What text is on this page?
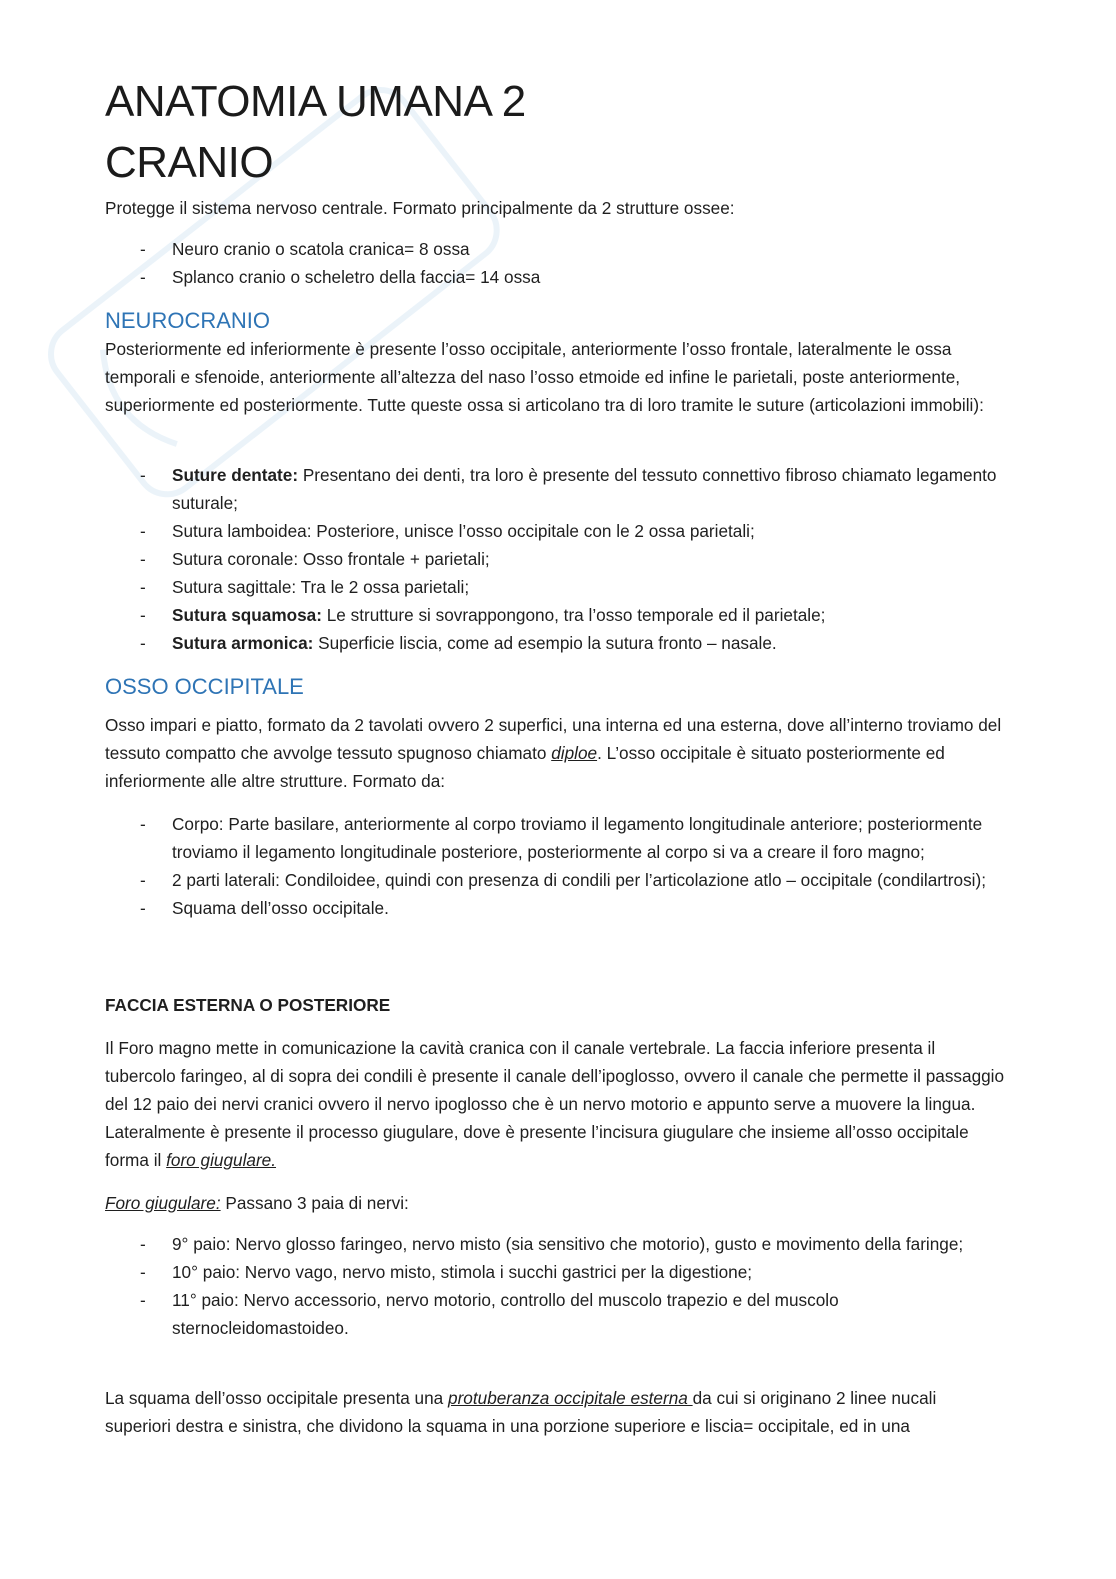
ANATOMIA UMANA 2
CRANIO

Protegge il sistema nervoso centrale. Formato principalmente da 2 strutture ossee:

- Neuro cranio o scatola cranica= 8 ossa
- Splanco cranio o scheletro della faccia= 14 ossa
NEUROCRANIO

Posteriormente ed inferiormente è presente l’osso occipitale, anteriormente l’osso frontale, lateralmente le ossa temporali e sfenoide, anteriormente all’altezza del naso l’osso etmoide ed infine le parietali, poste anteriormente, superiormente ed posteriormente. Tutte queste ossa si articolano tra di loro tramite le suture (articolazioni immobili):

- Suture dentate: Presentano dei denti, tra loro è presente del tessuto connettivo fibroso chiamato legamento suturale;
- Sutura lamboidea: Posteriore, unisce l’osso occipitale con le 2 ossa parietali;
- Sutura coronale: Osso frontale + parietali;
- Sutura sagittale: Tra le 2 ossa parietali;
- Sutura squamosa: Le strutture si sovrappongono, tra l’osso temporale ed il parietale;
- Sutura armonica: Superficie liscia, come ad esempio la sutura fronto – nasale.
OSSO OCCIPITALE

Osso impari e piatto, formato da 2 tavolati ovvero 2 superfici, una interna ed una esterna, dove all’interno troviamo del tessuto compatto che avvolge tessuto spugnoso chiamato diploe. L’osso occipitale è situato posteriormente ed inferiormente alle altre strutture. Formato da:

- Corpo: Parte basilare, anteriormente al corpo troviamo il legamento longitudinale anteriore; posteriormente troviamo il legamento longitudinale posteriore, posteriormente al corpo si va a creare il foro magno;
- 2 parti laterali: Condiloidee, quindi con presenza di condili per l’articolazione atlo – occipitale (condilartrosi);
- Squama dell’osso occipitale.
FACCIA ESTERNA O POSTERIORE

Il Foro magno mette in comunicazione la cavità cranica con il canale vertebrale. La faccia inferiore presenta il tubercolo faringeo, al di sopra dei condili è presente il canale dell’ipoglosso, ovvero il canale che permette il passaggio del 12 paio dei nervi cranici ovvero il nervo ipoglosso che è un nervo motorio e appunto serve a muovere la lingua. Lateralmente è presente il processo giugulare, dove è presente l’incisura giugulare che insieme all’osso occipitale forma il foro giugulare.

Foro giugulare: Passano 3 paia di nervi:

- 9° paio: Nervo glosso faringeo, nervo misto (sia sensitivo che motorio), gusto e movimento della faringe;
- 10° paio: Nervo vago, nervo misto, stimola i succhi gastrici per la digestione;
- 11° paio: Nervo accessorio, nervo motorio, controllo del muscolo trapezio e del muscolo sternocleidomastoideo.

La squama dell’osso occipitale presenta una protuberanza occipitale esterna da cui si originano 2 linee nucali superiori destra e sinistra, che dividono la squama in una porzione superiore e liscia= occipitale, ed in una
